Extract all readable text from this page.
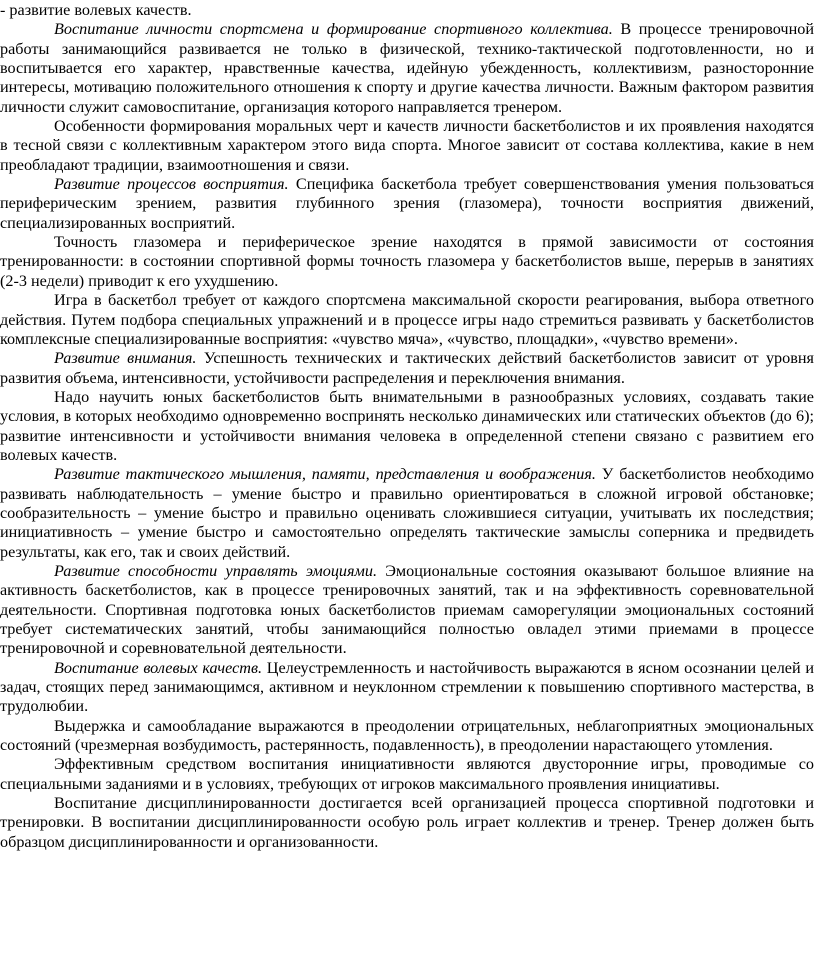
- развитие волевых качеств.

Воспитание личности спортсмена и формирование спортивного коллектива. В процессе тренировочной работы занимающийся развивается не только в физической, технико-тактической подготовленности, но и воспитывается его характер, нравственные качества, идейную убежденность, коллективизм, разносторонние интересы, мотивацию положительного отношения к спорту и другие качества личности. Важным фактором развития личности служит самовоспитание, организация которого направляется тренером.

Особенности формирования моральных черт и качеств личности баскетболистов и их проявления находятся в тесной связи с коллективным характером этого вида спорта. Многое зависит от состава коллектива, какие в нем преобладают традиции, взаимоотношения и связи.

Развитие процессов восприятия. Специфика баскетбола требует совершенствования умения пользоваться периферическим зрением, развития глубинного зрения (глазомера), точности восприятия движений, специализированных восприятий.

Точность глазомера и периферическое зрение находятся в прямой зависимости от состояния тренированности: в состоянии спортивной формы точность глазомера у баскетболистов выше, перерыв в занятиях (2-3 недели) приводит к его ухудшению.

Игра в баскетбол требует от каждого спортсмена максимальной скорости реагирования, выбора ответного действия. Путем подбора специальных упражнений и в процессе игры надо стремиться развивать у баскетболистов комплексные специализированные восприятия: «чувство мяча», «чувство, площадки», «чувство времени».

Развитие внимания. Успешность технических и тактических действий баскетболистов зависит от уровня развития объема, интенсивности, устойчивости распределения и переключения внимания.

Надо научить юных баскетболистов быть внимательными в разнообразных условиях, создавать такие условия, в которых необходимо одновременно воспринять несколько динамических или статических объектов (до 6); развитие интенсивности и устойчивости внимания человека в определенной степени связано с развитием его волевых качеств.

Развитие тактического мышления, памяти, представления и воображения. У баскетболистов необходимо развивать наблюдательность – умение быстро и правильно ориентироваться в сложной игровой обстановке; сообразительность – умение быстро и правильно оценивать сложившиеся ситуации, учитывать их последствия; инициативность – умение быстро и самостоятельно определять тактические замыслы соперника и предвидеть результаты, как его, так и своих действий.

Развитие способности управлять эмоциями. Эмоциональные состояния оказывают большое влияние на активность баскетболистов, как в процессе тренировочных занятий, так и на эффективность соревновательной деятельности. Спортивная подготовка юных баскетболистов приемам саморегуляции эмоциональных состояний требует систематических занятий, чтобы занимающийся полностью овладел этими приемами в процессе тренировочной и соревновательной деятельности.

Воспитание волевых качеств. Целеустремленность и настойчивость выражаются в ясном осознании целей и задач, стоящих перед занимающимся, активном и неуклонном стремлении к повышению спортивного мастерства, в трудолюбии.

Выдержка и самообладание выражаются в преодолении отрицательных, неблагоприятных эмоциональных состояний (чрезмерная возбудимость, растерянность, подавленность), в преодолении нарастающего утомления.

Эффективным средством воспитания инициативности являются двусторонние игры, проводимые со специальными заданиями и в условиях, требующих от игроков максимального проявления инициативы.

Воспитание дисциплинированности достигается всей организацией процесса спортивной подготовки и тренировки. В воспитании дисциплинированности особую роль играет коллектив и тренер. Тренер должен быть образцом дисциплинированности и организованности.
